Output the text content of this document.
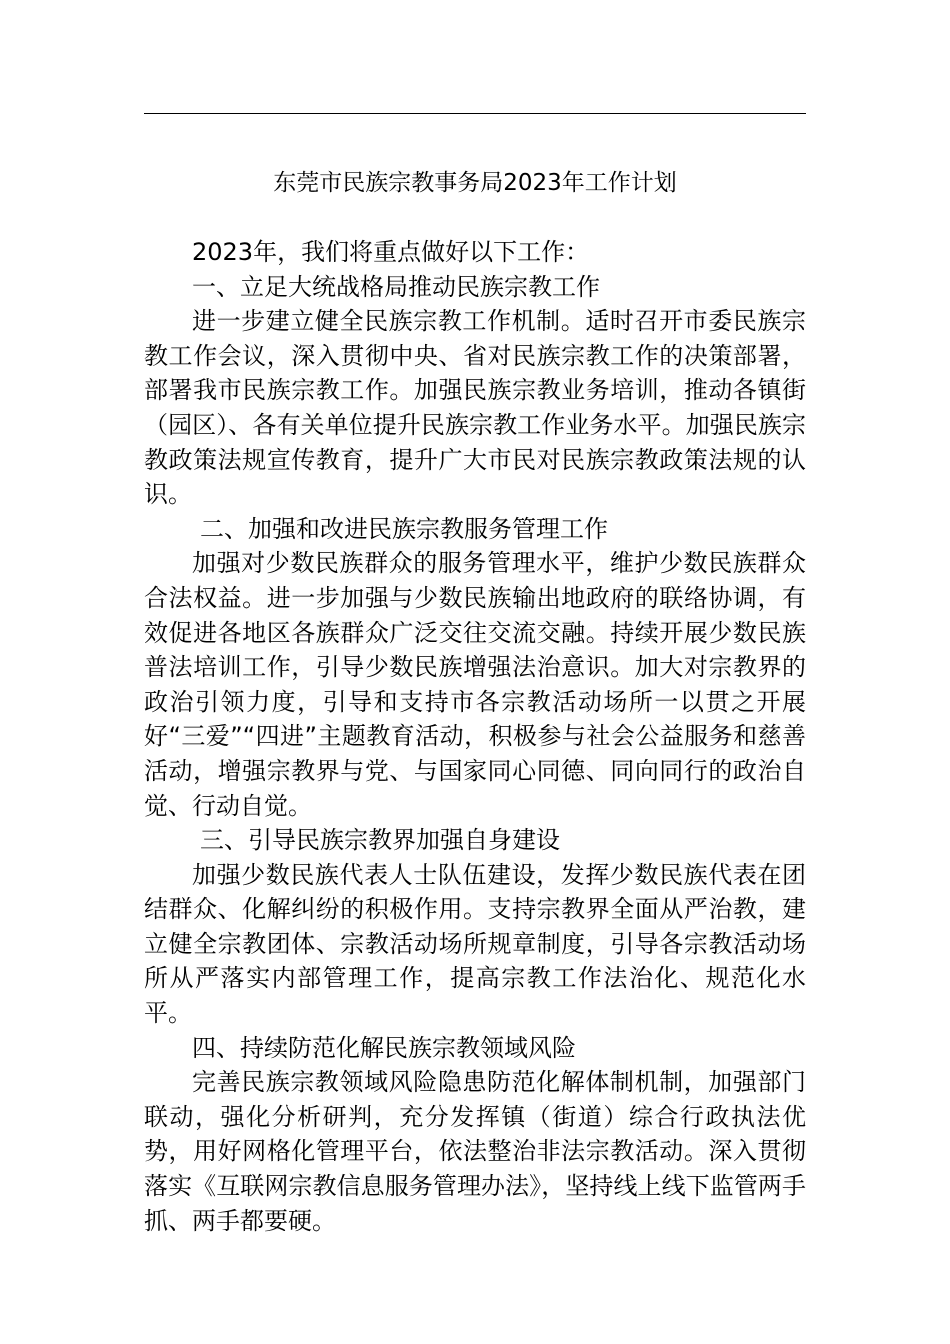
东莞市民族宗教事务局2023年工作计划

2023年，我们将重点做好以下工作：

一、立足大统战格局推动民族宗教工作

进一步建立健全民族宗教工作机制。适时召开市委民族宗教工作会议，深入贯彻中央、省对民族宗教工作的决策部署，部署我市民族宗教工作。加强民族宗教业务培训，推动各镇街（园区）、各有关单位提升民族宗教工作业务水平。加强民族宗教政策法规宣传教育，提升广大市民对民族宗教政策法规的认识。

二、加强和改进民族宗教服务管理工作

加强对少数民族群众的服务管理水平，维护少数民族群众合法权益。进一步加强与少数民族输出地政府的联络协调，有效促进各地区各族群众广泛交往交流交融。持续开展少数民族普法培训工作，引导少数民族增强法治意识。加大对宗教界的政治引领力度，引导和支持市各宗教活动场所一以贯之开展好“三爱”“四进”主题教育活动，积极参与社会公益服务和慈善活动，增强宗教界与党、与国家同心同德、同向同行的政治自觉、行动自觉。

三、引导民族宗教界加强自身建设

加强少数民族代表人士队伍建设，发挥少数民族代表在团结群众、化解纠纷的积极作用。支持宗教界全面从严治教，建立健全宗教团体、宗教活动场所规章制度，引导各宗教活动场所从严落实内部管理工作，提高宗教工作法治化、规范化水平。

四、持续防范化解民族宗教领域风险

完善民族宗教领域风险隐患防范化解体制机制，加强部门联动，强化分析研判，充分发挥镇（街道）综合行政执法优势，用好网格化管理平台，依法整治非法宗教活动。深入贯彻落实《互联网宗教信息服务管理办法》，坚持线上线下监管两手抓、两手都要硬。
